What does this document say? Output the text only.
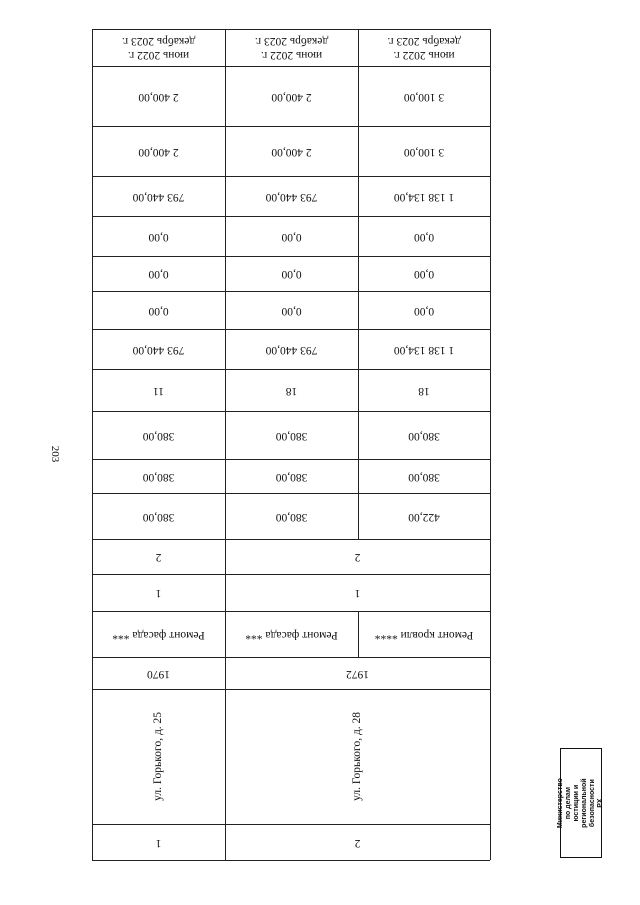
203
июнь 2022 г.
декабрь 2023 г.
июнь 2022 г.
декабрь 2023 г.
июнь 2022 г.
декабрь 2023 г.
2 400,00	2 400,00	3 100,00
2 400,00	2 400,00	3 100,00
793 440,00	793 440,00	1 138 134,00
0,00	0,00	0,00
0,00	0,00	0,00
0,00	0,00	0,00
793 440,00	793 440,00	1 138 134,00
11	18	18
380,00	380,00	380,00
380,00	380,00	380,00
380,00	380,00	422,00
2	2
1	1
Ремонт фасада ***	Ремонт фасада ***	Ремонт кровли ****
1970	1972
ул. Горького, д. 25	ул. Горького, д. 28
1	2
Министерство по делам
юстиции и региональной
безопасности РХ
